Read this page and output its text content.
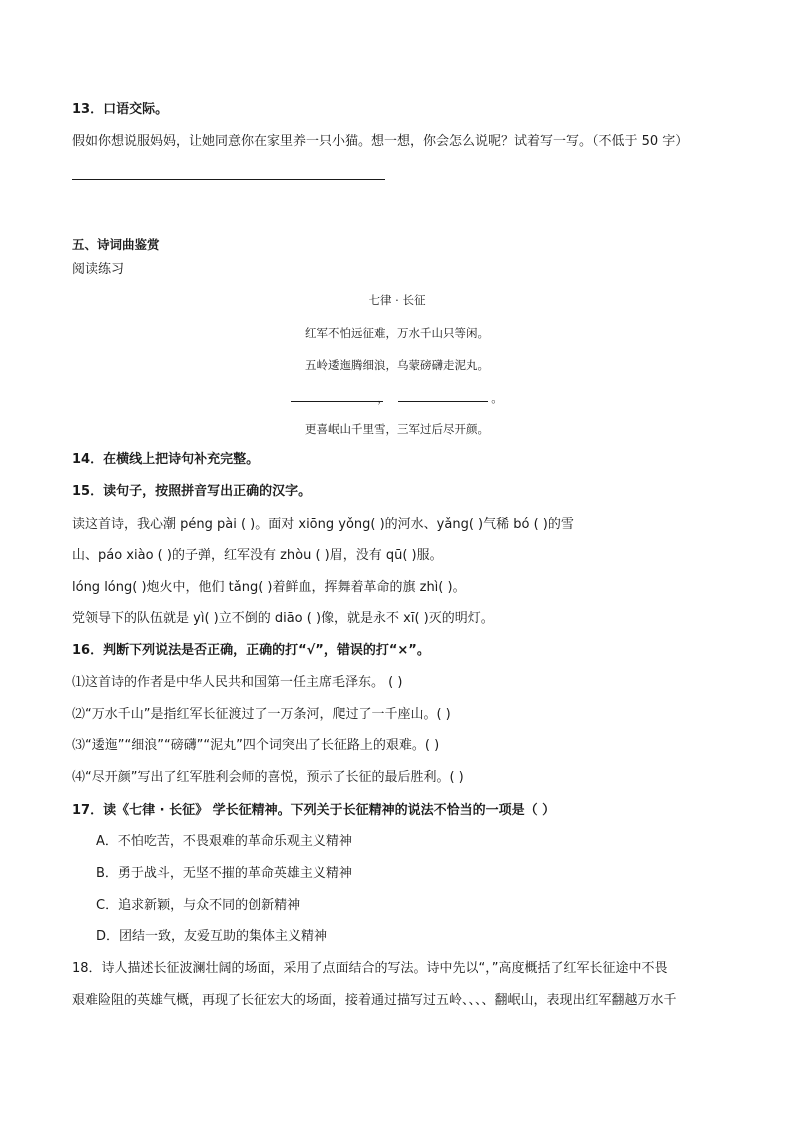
13．口语交际。
假如你想说服妈妈，让她同意你在家里养一只小猫。想一想，你会怎么说呢？试着写一写。（不低于 50 字）
五、诗词曲鉴赏
阅读练习
七律 · 长征
红军不怕远征难，万水千山只等闲。
五岭逶迤腾细浪，乌蒙磅礴走泥丸。
，	。
更喜岷山千里雪，三军过后尽开颜。
14．在横线上把诗句补充完整。
15．读句子，按照拼音写出正确的汉字。
读这首诗，我心潮 péng pài ( )。面对 xiōng yǒng( )的河水、yǎng( )气稀 bó ( )的雪
山、páo xiào ( )的子弹，红军没有 zhòu ( )眉，没有 qū( )服。
lóng lóng( )炮火中，他们 tǎng( )着鲜血，挥舞着革命的旗 zhì( )。
党领导下的队伍就是 yì( )立不倒的 diāo ( )像，就是永不 xī( )灭的明灯。
16．判断下列说法是否正确，正确的打“√”，错误的打“×”。
⑴这首诗的作者是中华人民共和国第一任主席毛泽东。 ( )
⑵“万水千山”是指红军长征渡过了一万条河，爬过了一千座山。( )
⑶“逶迤”“细浪”“磅礴”“泥丸”四个词突出了长征路上的艰难。( )
⑷“尽开颜”写出了红军胜利会师的喜悦，预示了长征的最后胜利。( )
17．读《七律 · 长征》 学长征精神。下列关于长征精神的说法不恰当的一项是（ ）
A．不怕吃苦，不畏艰难的革命乐观主义精神
B．勇于战斗，无坚不摧的革命英雄主义精神
C．追求新颖，与众不同的创新精神
D．团结一致，友爱互助的集体主义精神
18．诗人描述长征波澜壮阔的场面，采用了点面结合的写法。诗中先以“，”高度概括了红军长征途中不畏
艰难险阻的英雄气概，再现了长征宏大的场面，接着通过描写过五岭、、、、翻岷山，表现出红军翻越万水千
